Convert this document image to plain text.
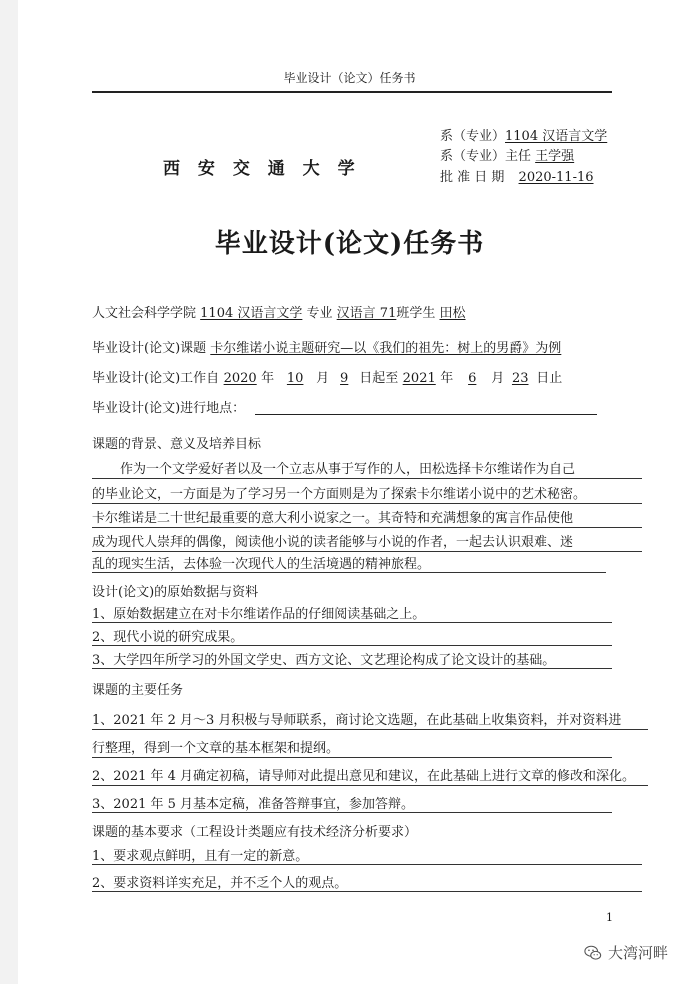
毕业设计（论文）任务书
系（专业）1104 汉语言文学
系（专业）主任 王学强
批 准 日 期 2020-11-16
西 安 交 通 大 学
毕业设计(论文)任务书
人文社会科学学院 1104 汉语言文学 专业 汉语言 71班学生 田松
毕业设计(论文)课题 卡尔维诺小说主题研究—以《我们的祖先：树上的男爵》为例
毕业设计(论文)工作自 2020 年 10 月 9 日起至 2021 年 6 月 23 日止
毕业设计(论文)进行地点：
课题的背景、意义及培养目标
作为一个文学爱好者以及一个立志从事于写作的人，田松选择卡尔维诺作为自己
的毕业论文，一方面是为了学习另一个方面则是为了探索卡尔维诺小说中的艺术秘密。
卡尔维诺是二十世纪最重要的意大利小说家之一。其奇特和充满想象的寓言作品使他
成为现代人崇拜的偶像，阅读他小说的读者能够与小说的作者，一起去认识艰难、迷
乱的现实生活，去体验一次现代人的生活境遇的精神旅程。
设计(论文)的原始数据与资料
1、原始数据建立在对卡尔维诺作品的仔细阅读基础之上。
2、现代小说的研究成果。
3、大学四年所学习的外国文学史、西方文论、文艺理论构成了论文设计的基础。
课题的主要任务
1、2021 年 2 月～3 月积极与导师联系，商讨论文选题，在此基础上收集资料，并对资料进
行整理，得到一个文章的基本框架和提纲。
2、2021 年 4 月确定初稿，请导师对此提出意见和建议，在此基础上进行文章的修改和深化。
3、2021 年 5 月基本定稿，准备答辩事宜，参加答辩。
课题的基本要求（工程设计类题应有技术经济分析要求）
1、要求观点鲜明，且有一定的新意。
2、要求资料详实充足，并不乏个人的观点。
1
大湾河畔
